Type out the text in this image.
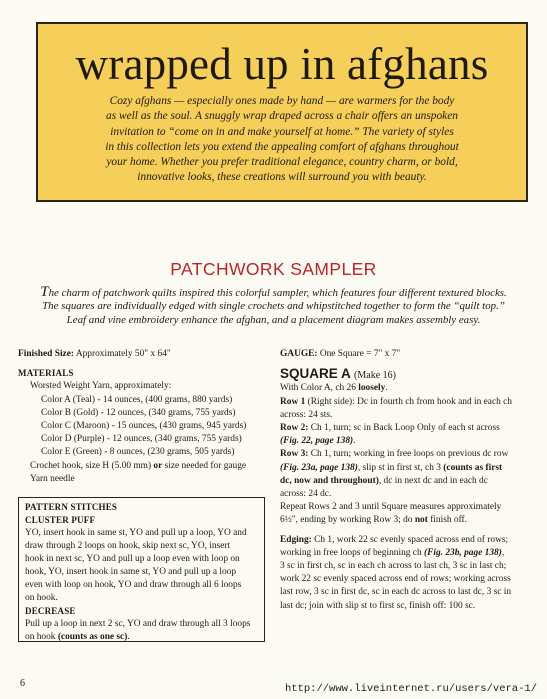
wrapped up in afghans
Cozy afghans — especially ones made by hand — are warmers for the body
as well as the soul. A snuggly wrap draped across a chair offers an unspoken
invitation to “come on in and make yourself at home.” The variety of styles
in this collection lets you extend the appealing comfort of afghans throughout
your home. Whether you prefer traditional elegance, country charm, or bold,
innovative looks, these creations will surround you with beauty.
PATCHWORK SAMPLER
The charm of patchwork quilts inspired this colorful sampler, which features four different textured blocks.
The squares are individually edged with single crochets and whipstitched together to form the “quilt top.”
Leaf and vine embroidery enhance the afghan, and a placement diagram makes assembly easy.
Finished Size: Approximately 50" x 64"
MATERIALS
Worsted Weight Yarn, approximately:
Color A (Teal) - 14 ounces, (400 grams, 880 yards)
Color B (Gold) - 12 ounces, (340 grams, 755 yards)
Color C (Maroon) - 15 ounces, (430 grams, 945 yards)
Color D (Purple) - 12 ounces, (340 grams, 755 yards)
Color E (Green) - 8 ounces, (230 grams, 505 yards)
Crochet hook, size H (5.00 mm) or size needed for gauge
Yarn needle
PATTERN STITCHES
CLUSTER PUFF
YO, insert hook in same st, YO and pull up a loop, YO and
draw through 2 loops on hook, skip next sc, YO, insert
hook in next sc, YO and pull up a loop even with loop on
hook, YO, insert hook in same st, YO and pull up a loop
even with loop on hook, YO and draw through all 6 loops
on hook.
DECREASE
Pull up a loop in next 2 sc, YO and draw through all 3 loops
on hook (counts as one sc).
GAUGE: One Square = 7" x 7"
SQUARE A (Make 16)
With Color A, ch 26 loosely.
Row 1 (Right side): Dc in fourth ch from hook and in each ch
across: 24 sts.
Row 2: Ch 1, turn; sc in Back Loop Only of each st across
(Fig. 22, page 138).
Row 3: Ch 1, turn; working in free loops on previous dc row
(Fig. 23a, page 138), slip st in first st, ch 3 (counts as first
dc, now and throughout), dc in next dc and in each dc
across: 24 dc.
Repeat Rows 2 and 3 until Square measures approximately
6½", ending by working Row 3; do not finish off.
Edging: Ch 1, work 22 sc evenly spaced across end of rows;
working in free loops of beginning ch (Fig. 23b, page 138),
3 sc in first ch, sc in each ch across to last ch, 3 sc in last ch;
work 22 sc evenly spaced across end of rows; working across
last row, 3 sc in first dc, sc in each dc across to last dc, 3 sc in
last dc; join with slip st to first sc, finish off: 100 sc.
6	http://www.liveinternet.ru/users/vera-1/
